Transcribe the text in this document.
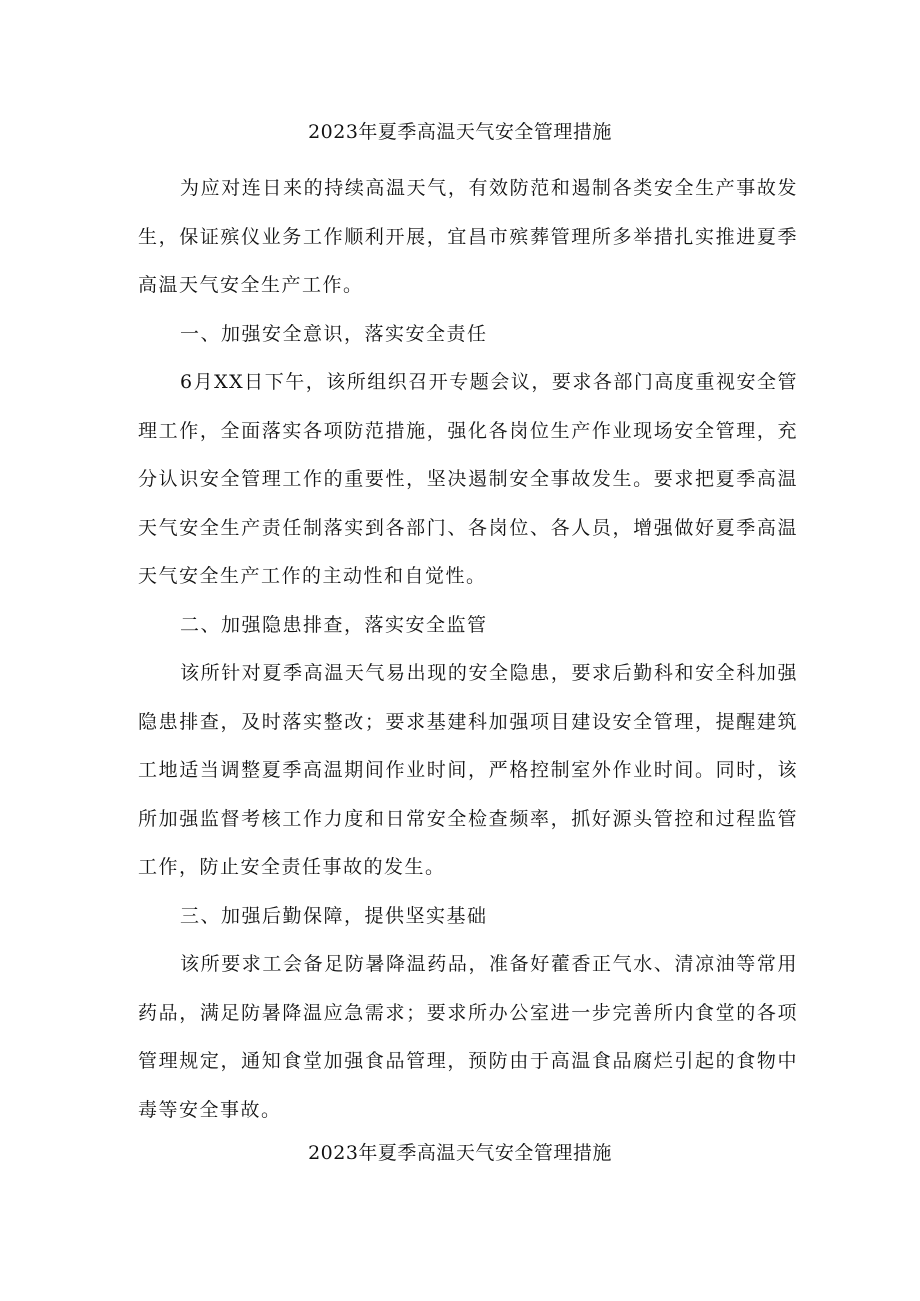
2023年夏季高温天气安全管理措施

为应对连日来的持续高温天气，有效防范和遏制各类安全生产事故发生，保证殡仪业务工作顺利开展，宜昌市殡葬管理所多举措扎实推进夏季高温天气安全生产工作。

一、加强安全意识，落实安全责任

6月XX日下午，该所组织召开专题会议，要求各部门高度重视安全管理工作，全面落实各项防范措施，强化各岗位生产作业现场安全管理，充分认识安全管理工作的重要性，坚决遏制安全事故发生。要求把夏季高温天气安全生产责任制落实到各部门、各岗位、各人员，增强做好夏季高温天气安全生产工作的主动性和自觉性。

二、加强隐患排查，落实安全监管

该所针对夏季高温天气易出现的安全隐患，要求后勤科和安全科加强隐患排查，及时落实整改；要求基建科加强项目建设安全管理，提醒建筑工地适当调整夏季高温期间作业时间，严格控制室外作业时间。同时，该所加强监督考核工作力度和日常安全检查频率，抓好源头管控和过程监管工作，防止安全责任事故的发生。

三、加强后勤保障，提供坚实基础

该所要求工会备足防暑降温药品，准备好藿香正气水、清凉油等常用药品，满足防暑降温应急需求；要求所办公室进一步完善所内食堂的各项管理规定，通知食堂加强食品管理，预防由于高温食品腐烂引起的食物中毒等安全事故。

2023年夏季高温天气安全管理措施
